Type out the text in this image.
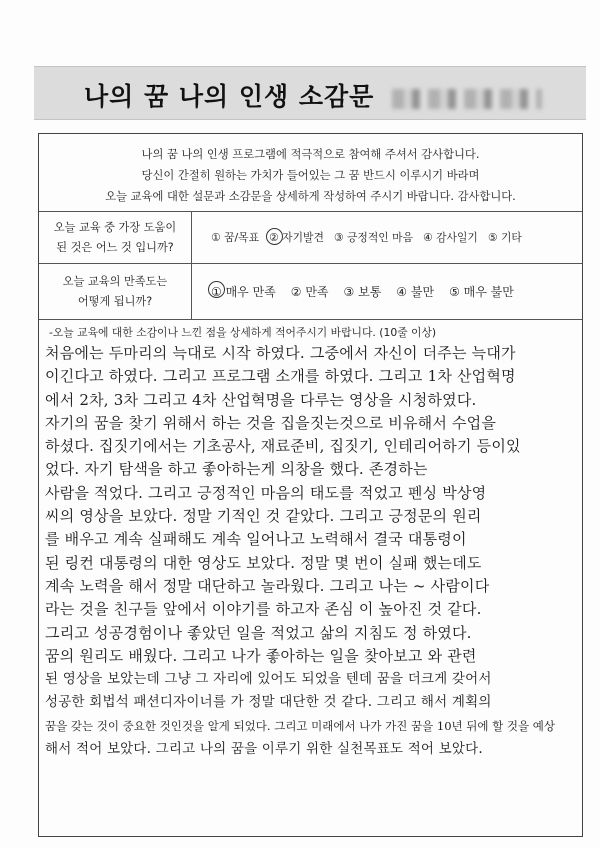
나의 꿈 나의 인생 소감문
나의 꿈 나의 인생 프로그램에 적극적으로 참여해 주셔서 감사합니다.
당신이 간절히 원하는 가치가 들어있는 그 꿈 반드시 이루시기 바라며
오늘 교육에 대한 설문과 소감문을 상세하게 작성하여 주시기 바랍니다. 감사합니다.
오늘 교육 중 가장 도움이
된 것은 어느 것 입니까?
① 꿈/목표 ② 자기발견 ③ 긍정적인 마음 ④ 감사일기 ⑤ 기타
오늘 교육의 만족도는
어떻게 됩니까?
① 매우 만족 ② 만족 ③ 보통 ④ 불만 ⑤ 매우 불만
-오늘 교육에 대한 소감이나 느낀 점을 상세하게 적어주시기 바랍니다. (10줄 이상)
처음에는 두마리의 늑대로 시작 하였다. 그중에서 자신이 더주는 늑대가
이긴다고 하였다. 그리고 프로그램 소개를 하였다. 그리고 1차 산업혁명
에서 2차, 3차 그리고 4차 산업혁명을 다루는 영상을 시청하였다.
자기의 꿈을 찾기 위해서 하는 것을 집을짓는것으로 비유해서 수업을
하셨다. 집짓기에서는 기초공사, 재료준비, 집짓기, 인테리어하기 등이있
었다. 자기 탐색을 하고 좋아하는게 의창을 했다. 존경하는
사람을 적었다. 그리고 긍정적인 마음의 태도를 적었고 펜싱 박상영
씨의 영상을 보았다. 정말 기적인 것 같았다. 그리고 긍정문의 원리
를 배우고 계속 실패해도 계속 일어나고 노력해서 결국 대통령이
된 링컨 대통령의 대한 영상도 보았다. 정말 몇 번이 실패 했는데도
계속 노력을 해서 정말 대단하고 놀라웠다. 그리고 나는 ~ 사람이다
라는 것을 친구들 앞에서 이야기를 하고자 존심 이 높아진 것 같다.
그리고 성공경험이나 좋았던 일을 적었고 삶의 지침도 정 하였다.
꿈의 원리도 배웠다. 그리고 나가 좋아하는 일을 찾아보고 와 관련
된 영상을 보았는데 그냥 그 자리에 있어도 되었을 텐데 꿈을 더크게 갖어서
성공한 회법석 패션디자이너를 가 정말 대단한 것 같다. 그리고 해서 계획의
꿈을 갖는 것이 중요한 것인것을 알게 되었다. 그리고 미래에서 나가 가진 꿈을 10년 뒤에 할 것을 예상
해서 적어 보았다. 그리고 나의 꿈을 이루기 위한 실천목표도 적어 보았다.
